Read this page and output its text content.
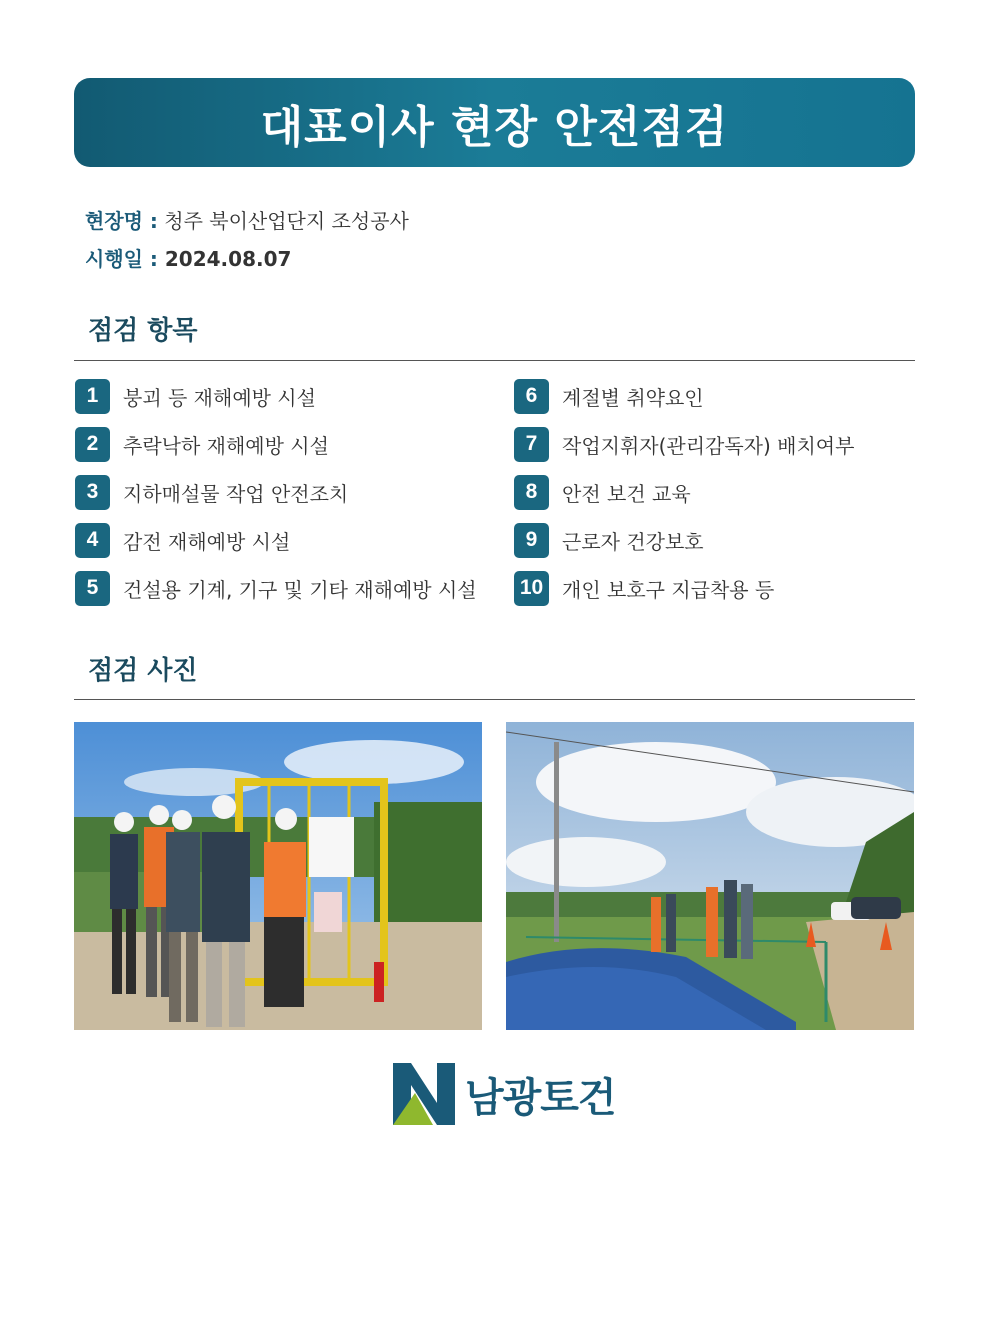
대표이사 현장 안전점검
현장명 : 청주 북이산업단지 조성공사
시행일 : 2024.08.07
점검 항목
1	붕괴 등 재해예방 시설
2	추락낙하 재해예방 시설
3	지하매설물 작업 안전조치
4	감전 재해예방 시설
5	건설용 기계, 기구 및 기타 재해예방 시설
6	계절별 취약요인
7	작업지휘자(관리감독자) 배치여부
8	안전 보건 교육
9	근로자 건강보호
10 개인 보호구 지급착용 등
점검 사진
남광토건
